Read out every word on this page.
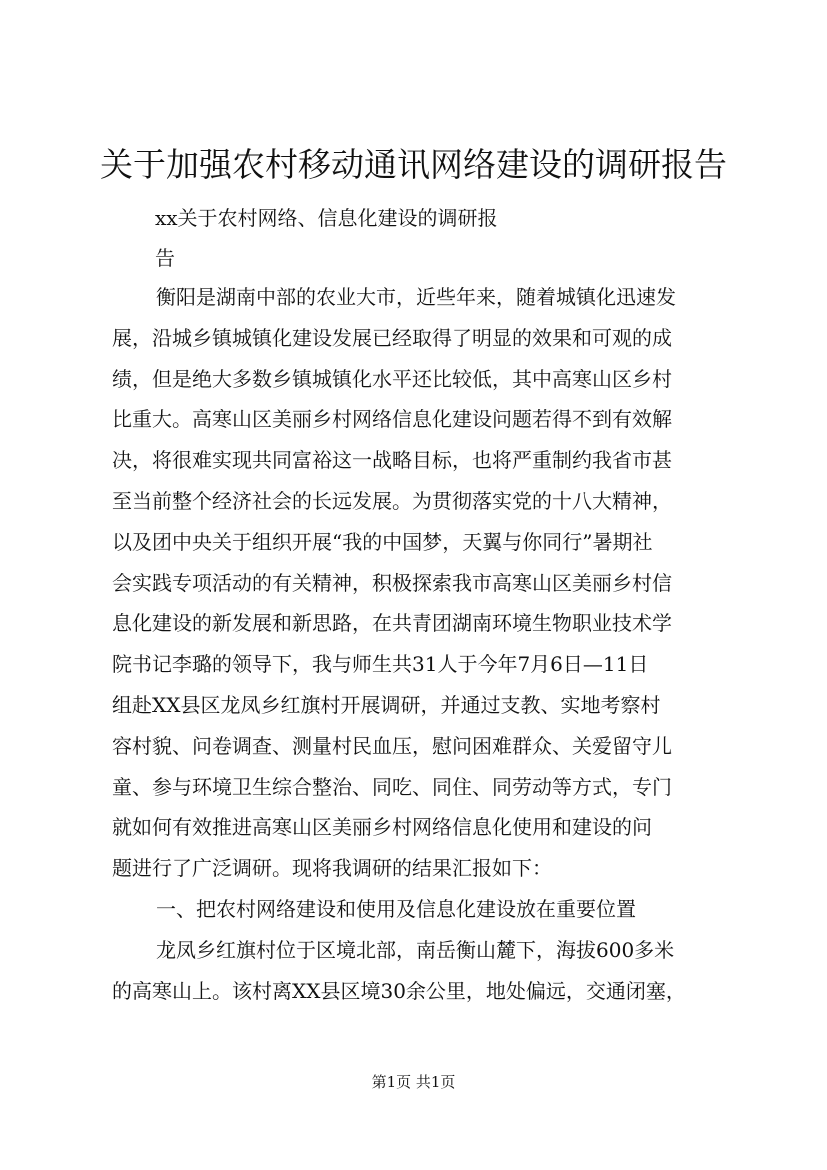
关于加强农村移动通讯网络建设的调研报告
xx关于农村网络、信息化建设的调研报
告
衡阳是湖南中部的农业大市，近些年来，随着城镇化迅速发
展，沿城乡镇城镇化建设发展已经取得了明显的效果和可观的成
绩，但是绝大多数乡镇城镇化水平还比较低，其中高寒山区乡村
比重大。高寒山区美丽乡村网络信息化建设问题若得不到有效解
决，将很难实现共同富裕这一战略目标，也将严重制约我省市甚
至当前整个经济社会的长远发展。为贯彻落实党的十八大精神，
以及团中央关于组织开展“我的中国梦，天翼与你同行”暑期社
会实践专项活动的有关精神，积极探索我市高寒山区美丽乡村信
息化建设的新发展和新思路，在共青团湖南环境生物职业技术学
院书记李璐的领导下，我与师生共31人于今年7月6日—11日
组赴XX县区龙凤乡红旗村开展调研，并通过支教、实地考察村
容村貌、问卷调查、测量村民血压，慰问困难群众、关爱留守儿
童、参与环境卫生综合整治、同吃、同住、同劳动等方式，专门
就如何有效推进高寒山区美丽乡村网络信息化使用和建设的问
题进行了广泛调研。现将我调研的结果汇报如下：
一、把农村网络建设和使用及信息化建设放在重要位置
龙凤乡红旗村位于区境北部，南岳衡山麓下，海拔600多米
的高寒山上。该村离XX县区境30余公里，地处偏远，交通闭塞，
第1页 共1页
